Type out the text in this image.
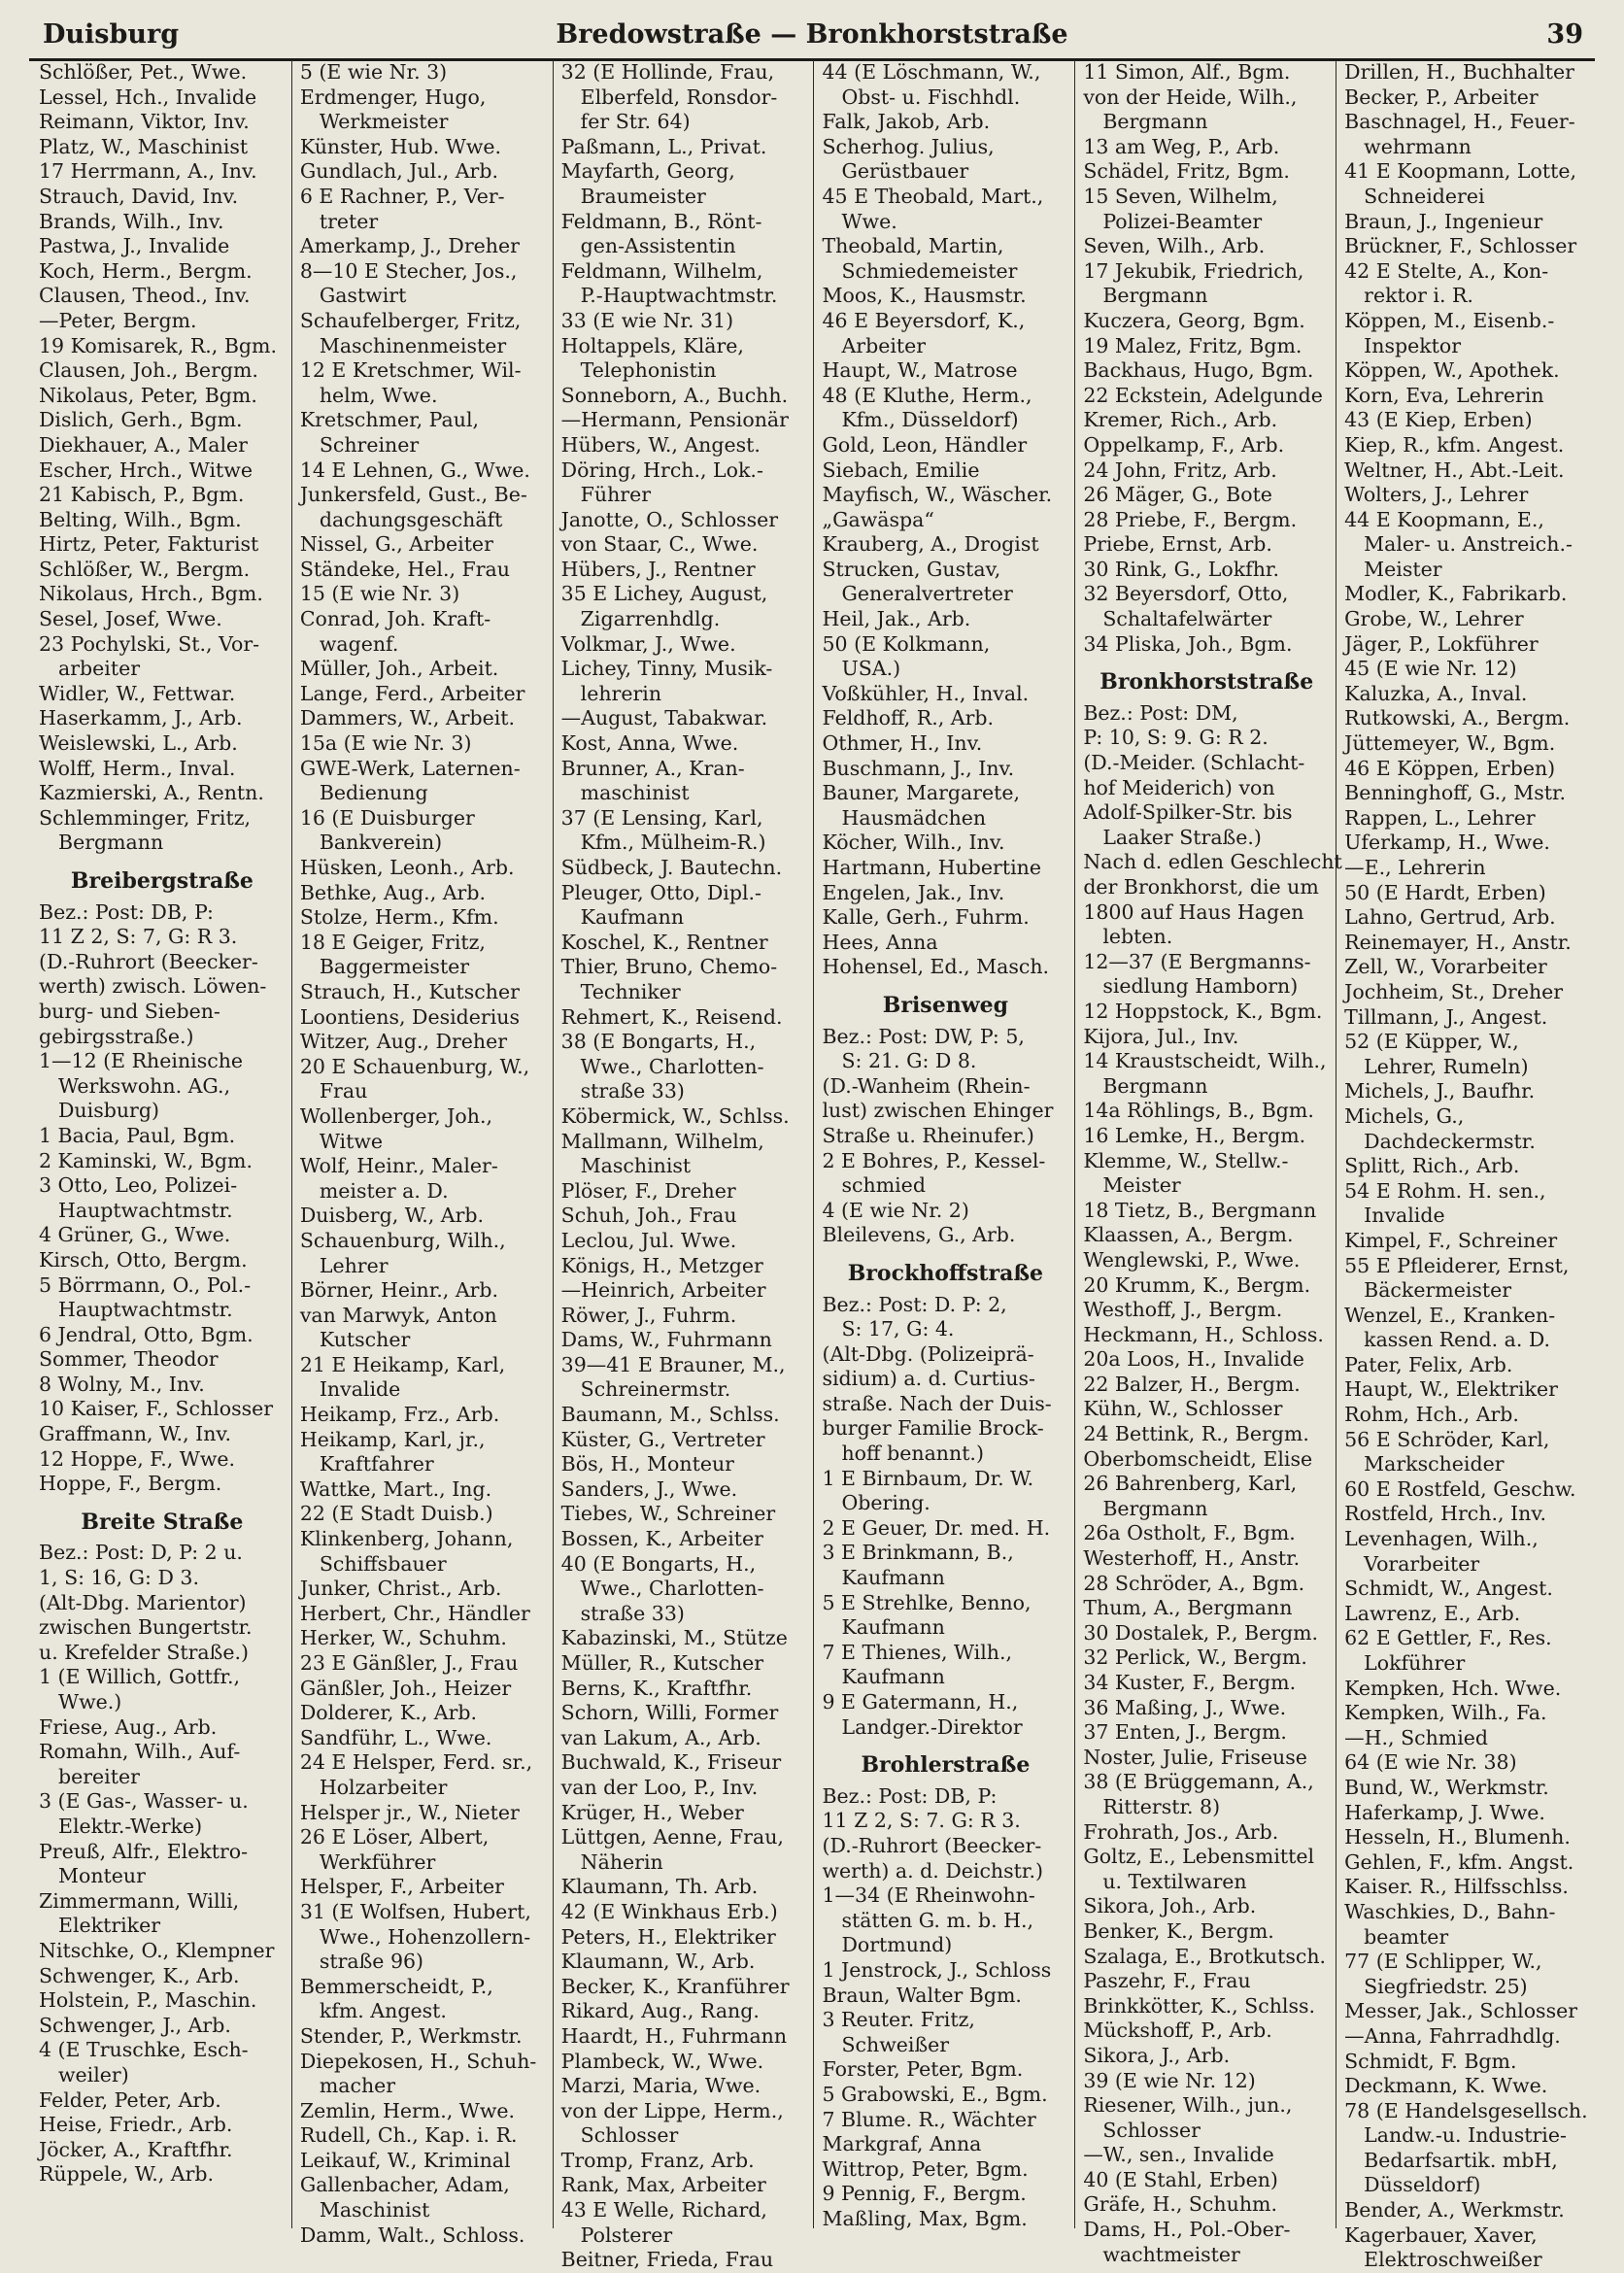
Duisburg	Bredowstraße — Bronkhorststraße	39
Schlößer, Pet., Wwe.
Lessel, Hch., Invalide
Reimann, Viktor, Inv.
Platz, W., Maschinist
17 Herrmann, A., Inv.
Strauch, David, Inv.
Brands, Wilh., Inv.
Pastwa, J., Invalide
Koch, Herm., Bergm.
Clausen, Theod., Inv.
—Peter, Bergm.
19 Komisarek, R., Bgm.
Clausen, Joh., Bergm.
Nikolaus, Peter, Bgm.
Dislich, Gerh., Bgm.
Diekhauer, A., Maler
Escher, Hrch., Witwe
21 Kabisch, P., Bgm.
Belting, Wilh., Bgm.
Hirtz, Peter, Fakturist
Schlößer, W., Bergm.
Nikolaus, Hrch., Bgm.
Sesel, Josef, Wwe.
23 Pochylski, St., Vor-
arbeiter
Widler, W., Fettwar.
Haserkamm, J., Arb.
Weislewski, L., Arb.
Wolff, Herm., Inval.
Kazmierski, A., Rentn.
Schlemminger, Fritz,
Bergmann
Breibergstraße
Bez.: Post: DB, P:
11 Z 2, S: 7, G: R 3.
(D.-Ruhrort (Beecker-
werth) zwisch. Löwen-
burg- und Sieben-
gebirgsstraße.)
1—12 (E Rheinische
Werkswohn. AG.,
Duisburg)
1 Bacia, Paul, Bgm.
2 Kaminski, W., Bgm.
3 Otto, Leo, Polizei-
Hauptwachtmstr.
4 Grüner, G., Wwe.
Kirsch, Otto, Bergm.
5 Börrmann, O., Pol.-
Hauptwachtmstr.
6 Jendral, Otto, Bgm.
Sommer, Theodor
8 Wolny, M., Inv.
10 Kaiser, F., Schlosser
Graffmann, W., Inv.
12 Hoppe, F., Wwe.
Hoppe, F., Bergm.
Breite Straße
Bez.: Post: D, P: 2 u.
1, S: 16, G: D 3.
(Alt-Dbg. Marientor)
zwischen Bungertstr.
u. Krefelder Straße.)
1 (E Willich, Gottfr.,
Wwe.)
Friese, Aug., Arb.
Romahn, Wilh., Auf-
bereiter
3 (E Gas-, Wasser- u.
Elektr.-Werke)
Preuß, Alfr., Elektro-
Monteur
Zimmermann, Willi,
Elektriker
Nitschke, O., Klempner
Schwenger, K., Arb.
Holstein, P., Maschin.
Schwenger, J., Arb.
4 (E Truschke, Esch-
weiler)
Felder, Peter, Arb.
Heise, Friedr., Arb.
Jöcker, A., Kraftfhr.
Rüppele, W., Arb.
5 (E wie Nr. 3)
Erdmenger, Hugo,
Werkmeister
Künster, Hub. Wwe.
Gundlach, Jul., Arb.
6 E Rachner, P., Ver-
treter
Amerkamp, J., Dreher
8—10 E Stecher, Jos.,
Gastwirt
Schaufelberger, Fritz,
Maschinenmeister
12 E Kretschmer, Wil-
helm, Wwe.
Kretschmer, Paul,
Schreiner
14 E Lehnen, G., Wwe.
Junkersfeld, Gust., Be-
dachungsgeschäft
Nissel, G., Arbeiter
Ständeke, Hel., Frau
15 (E wie Nr. 3)
Conrad, Joh. Kraft-
wagenf.
Müller, Joh., Arbeit.
Lange, Ferd., Arbeiter
Dammers, W., Arbeit.
15a (E wie Nr. 3)
GWE-Werk, Laternen-
Bedienung
16 (E Duisburger
Bankverein)
Hüsken, Leonh., Arb.
Bethke, Aug., Arb.
Stolze, Herm., Kfm.
18 E Geiger, Fritz,
Baggermeister
Strauch, H., Kutscher
Loontiens, Desiderius
Witzer, Aug., Dreher
20 E Schauenburg, W.,
Frau
Wollenberger, Joh.,
Witwe
Wolf, Heinr., Maler-
meister a. D.
Duisberg, W., Arb.
Schauenburg, Wilh.,
Lehrer
Börner, Heinr., Arb.
van Marwyk, Anton
Kutscher
21 E Heikamp, Karl,
Invalide
Heikamp, Frz., Arb.
Heikamp, Karl, jr.,
Kraftfahrer
Wattke, Mart., Ing.
22 (E Stadt Duisb.)
Klinkenberg, Johann,
Schiffsbauer
Junker, Christ., Arb.
Herbert, Chr., Händler
Herker, W., Schuhm.
23 E Gänßler, J., Frau
Gänßler, Joh., Heizer
Dolderer, K., Arb.
Sandführ, L., Wwe.
24 E Helsper, Ferd. sr.,
Holzarbeiter
Helsper jr., W., Nieter
26 E Löser, Albert,
Werkführer
Helsper, F., Arbeiter
31 (E Wolfsen, Hubert,
Wwe., Hohenzollern-
straße 96)
Bemmerscheidt, P.,
kfm. Angest.
Stender, P., Werkmstr.
Diepekosen, H., Schuh-
macher
Zemlin, Herm., Wwe.
Rudell, Ch., Kap. i. R.
Leikauf, W., Kriminal
Gallenbacher, Adam,
Maschinist
Damm, Walt., Schloss.
32 (E Hollinde, Frau,
Elberfeld, Ronsdor-
fer Str. 64)
Paßmann, L., Privat.
Mayfarth, Georg,
Braumeister
Feldmann, B., Rönt-
gen-Assistentin
Feldmann, Wilhelm,
P.-Hauptwachtmstr.
33 (E wie Nr. 31)
Holtappels, Kläre,
Telephonistin
Sonneborn, A., Buchh.
—Hermann, Pensionär
Hübers, W., Angest.
Döring, Hrch., Lok.-
Führer
Janotte, O., Schlosser
von Staar, C., Wwe.
Hübers, J., Rentner
35 E Lichey, August,
Zigarrenhdlg.
Volkmar, J., Wwe.
Lichey, Tinny, Musik-
lehrerin
—August, Tabakwar.
Kost, Anna, Wwe.
Brunner, A., Kran-
maschinist
37 (E Lensing, Karl,
Kfm., Mülheim-R.)
Südbeck, J. Bautechn.
Pleuger, Otto, Dipl.-
Kaufmann
Koschel, K., Rentner
Thier, Bruno, Chemo-
Techniker
Rehmert, K., Reisend.
38 (E Bongarts, H.,
Wwe., Charlotten-
straße 33)
Köbermick, W., Schlss.
Mallmann, Wilhelm,
Maschinist
Plöser, F., Dreher
Schuh, Joh., Frau
Leclou, Jul. Wwe.
Königs, H., Metzger
—Heinrich, Arbeiter
Röwer, J., Fuhrm.
Dams, W., Fuhrmann
39—41 E Brauner, M.,
Schreinermstr.
Baumann, M., Schlss.
Küster, G., Vertreter
Bös, H., Monteur
Sanders, J., Wwe.
Tiebes, W., Schreiner
Bossen, K., Arbeiter
40 (E Bongarts, H.,
Wwe., Charlotten-
straße 33)
Kabazinski, M., Stütze
Müller, R., Kutscher
Berns, K., Kraftfhr.
Schorn, Willi, Former
van Lakum, A., Arb.
Buchwald, K., Friseur
van der Loo, P., Inv.
Krüger, H., Weber
Lüttgen, Aenne, Frau,
Näherin
Klaumann, Th. Arb.
42 (E Winkhaus Erb.)
Peters, H., Elektriker
Klaumann, W., Arb.
Becker, K., Kranführer
Rikard, Aug., Rang.
Haardt, H., Fuhrmann
Plambeck, W., Wwe.
Marzi, Maria, Wwe.
von der Lippe, Herm.,
Schlosser
Tromp, Franz, Arb.
Rank, Max, Arbeiter
43 E Welle, Richard,
Polsterer
Beitner, Frieda, Frau
44 (E Löschmann, W.,
Obst- u. Fischhdl.
Falk, Jakob, Arb.
Scherhog. Julius,
Gerüstbauer
45 E Theobald, Mart.,
Wwe.
Theobald, Martin,
Schmiedemeister
Moos, K., Hausmstr.
46 E Beyersdorf, K.,
Arbeiter
Haupt, W., Matrose
48 (E Kluthe, Herm.,
Kfm., Düsseldorf)
Gold, Leon, Händler
Siebach, Emilie
Mayfisch, W., Wäscher.
„Gawäspa“
Krauberg, A., Drogist
Strucken, Gustav,
Generalvertreter
Heil, Jak., Arb.
50 (E Kolkmann,
USA.)
Voßkühler, H., Inval.
Feldhoff, R., Arb.
Othmer, H., Inv.
Buschmann, J., Inv.
Bauner, Margarete,
Hausmädchen
Köcher, Wilh., Inv.
Hartmann, Hubertine
Engelen, Jak., Inv.
Kalle, Gerh., Fuhrm.
Hees, Anna
Hohensel, Ed., Masch.
Brisenweg
Bez.: Post: DW, P: 5,
S: 21. G: D 8.
(D.-Wanheim (Rhein-
lust) zwischen Ehinger
Straße u. Rheinufer.)
2 E Bohres, P., Kessel-
schmied
4 (E wie Nr. 2)
Bleilevens, G., Arb.
Brockhoffstraße
Bez.: Post: D. P: 2,
S: 17, G: 4.
(Alt-Dbg. (Polizeiprä-
sidium) a. d. Curtius-
straße. Nach der Duis-
burger Familie Brock-
hoff benannt.)
1 E Birnbaum, Dr. W.
Obering.
2 E Geuer, Dr. med. H.
3 E Brinkmann, B.,
Kaufmann
5 E Strehlke, Benno,
Kaufmann
7 E Thienes, Wilh.,
Kaufmann
9 E Gatermann, H.,
Landger.-Direktor
Brohlerstraße
Bez.: Post: DB, P:
11 Z 2, S: 7. G: R 3.
(D.-Ruhrort (Beecker-
werth) a. d. Deichstr.)
1—34 (E Rheinwohn-
stätten G. m. b. H.,
Dortmund)
1 Jenstrock, J., Schloss
Braun, Walter Bgm.
3 Reuter. Fritz,
Schweißer
Forster, Peter, Bgm.
5 Grabowski, E., Bgm.
7 Blume. R., Wächter
Markgraf, Anna
Wittrop, Peter, Bgm.
9 Pennig, F., Bergm.
Maßling, Max, Bgm.
11 Simon, Alf., Bgm.
von der Heide, Wilh.,
Bergmann
13 am Weg, P., Arb.
Schädel, Fritz, Bgm.
15 Seven, Wilhelm,
Polizei-Beamter
Seven, Wilh., Arb.
17 Jekubik, Friedrich,
Bergmann
Kuczera, Georg, Bgm.
19 Malez, Fritz, Bgm.
Backhaus, Hugo, Bgm.
22 Eckstein, Adelgunde
Kremer, Rich., Arb.
Oppelkamp, F., Arb.
24 John, Fritz, Arb.
26 Mäger, G., Bote
28 Priebe, F., Bergm.
Priebe, Ernst, Arb.
30 Rink, G., Lokfhr.
32 Beyersdorf, Otto,
Schaltafelwärter
34 Pliska, Joh., Bgm.
Bronkhorststraße
Bez.: Post: DM,
P: 10, S: 9. G: R 2.
(D.-Meider. (Schlacht-
hof Meiderich) von
Adolf-Spilker-Str. bis
Laaker Straße.)
Nach d. edlen Geschlecht
der Bronkhorst, die um
1800 auf Haus Hagen
lebten.
12—37 (E Bergmanns-
siedlung Hamborn)
12 Hoppstock, K., Bgm.
Kijora, Jul., Inv.
14 Kraustscheidt, Wilh.,
Bergmann
14a Röhlings, B., Bgm.
16 Lemke, H., Bergm.
Klemme, W., Stellw.-
Meister
18 Tietz, B., Bergmann
Klaassen, A., Bergm.
Wenglewski, P., Wwe.
20 Krumm, K., Bergm.
Westhoff, J., Bergm.
Heckmann, H., Schloss.
20a Loos, H., Invalide
22 Balzer, H., Bergm.
Kühn, W., Schlosser
24 Bettink, R., Bergm.
Oberbomscheidt, Elise
26 Bahrenberg, Karl,
Bergmann
26a Ostholt, F., Bgm.
Westerhoff, H., Anstr.
28 Schröder, A., Bgm.
Thum, A., Bergmann
30 Dostalek, P., Bergm.
32 Perlick, W., Bergm.
34 Kuster, F., Bergm.
36 Maßing, J., Wwe.
37 Enten, J., Bergm.
Noster, Julie, Friseuse
38 (E Brüggemann, A.,
Ritterstr. 8)
Frohrath, Jos., Arb.
Goltz, E., Lebensmittel
u. Textilwaren
Sikora, Joh., Arb.
Benker, K., Bergm.
Szalaga, E., Brotkutsch.
Paszehr, F., Frau
Brinkkötter, K., Schlss.
Mückshoff, P., Arb.
Sikora, J., Arb.
39 (E wie Nr. 12)
Riesener, Wilh., jun.,
Schlosser
—W., sen., Invalide
40 (E Stahl, Erben)
Gräfe, H., Schuhm.
Dams, H., Pol.-Ober-
wachtmeister
Drillen, H., Buchhalter
Becker, P., Arbeiter
Baschnagel, H., Feuer-
wehrmann
41 E Koopmann, Lotte,
Schneiderei
Braun, J., Ingenieur
Brückner, F., Schlosser
42 E Stelte, A., Kon-
rektor i. R.
Köppen, M., Eisenb.-
Inspektor
Köppen, W., Apothek.
Korn, Eva, Lehrerin
43 (E Kiep, Erben)
Kiep, R., kfm. Angest.
Weltner, H., Abt.-Leit.
Wolters, J., Lehrer
44 E Koopmann, E.,
Maler- u. Anstreich.-
Meister
Modler, K., Fabrikarb.
Grobe, W., Lehrer
Jäger, P., Lokführer
45 (E wie Nr. 12)
Kaluzka, A., Inval.
Rutkowski, A., Bergm.
Jüttemeyer, W., Bgm.
46 E Köppen, Erben)
Benninghoff, G., Mstr.
Rappen, L., Lehrer
Uferkamp, H., Wwe.
—E., Lehrerin
50 (E Hardt, Erben)
Lahno, Gertrud, Arb.
Reinemayer, H., Anstr.
Zell, W., Vorarbeiter
Jochheim, St., Dreher
Tillmann, J., Angest.
52 (E Küpper, W.,
Lehrer, Rumeln)
Michels, J., Baufhr.
Michels, G.,
Dachdeckermstr.
Splitt, Rich., Arb.
54 E Rohm. H. sen.,
Invalide
Kimpel, F., Schreiner
55 E Pfleiderer, Ernst,
Bäckermeister
Wenzel, E., Kranken-
kassen Rend. a. D.
Pater, Felix, Arb.
Haupt, W., Elektriker
Rohm, Hch., Arb.
56 E Schröder, Karl,
Markscheider
60 E Rostfeld, Geschw.
Rostfeld, Hrch., Inv.
Levenhagen, Wilh.,
Vorarbeiter
Schmidt, W., Angest.
Lawrenz, E., Arb.
62 E Gettler, F., Res.
Lokführer
Kempken, Hch. Wwe.
Kempken, Wilh., Fa.
—H., Schmied
64 (E wie Nr. 38)
Bund, W., Werkmstr.
Haferkamp, J. Wwe.
Hesseln, H., Blumenh.
Gehlen, F., kfm. Angst.
Kaiser. R., Hilfsschlss.
Waschkies, D., Bahn-
beamter
77 (E Schlipper, W.,
Siegfriedstr. 25)
Messer, Jak., Schlosser
—Anna, Fahrradhdlg.
Schmidt, F. Bgm.
Deckmann, K. Wwe.
78 (E Handelsgesellsch.
Landw.-u. Industrie-
Bedarfsartik. mbH,
Düsseldorf)
Bender, A., Werkmstr.
Kagerbauer, Xaver,
Elektroschweißer
